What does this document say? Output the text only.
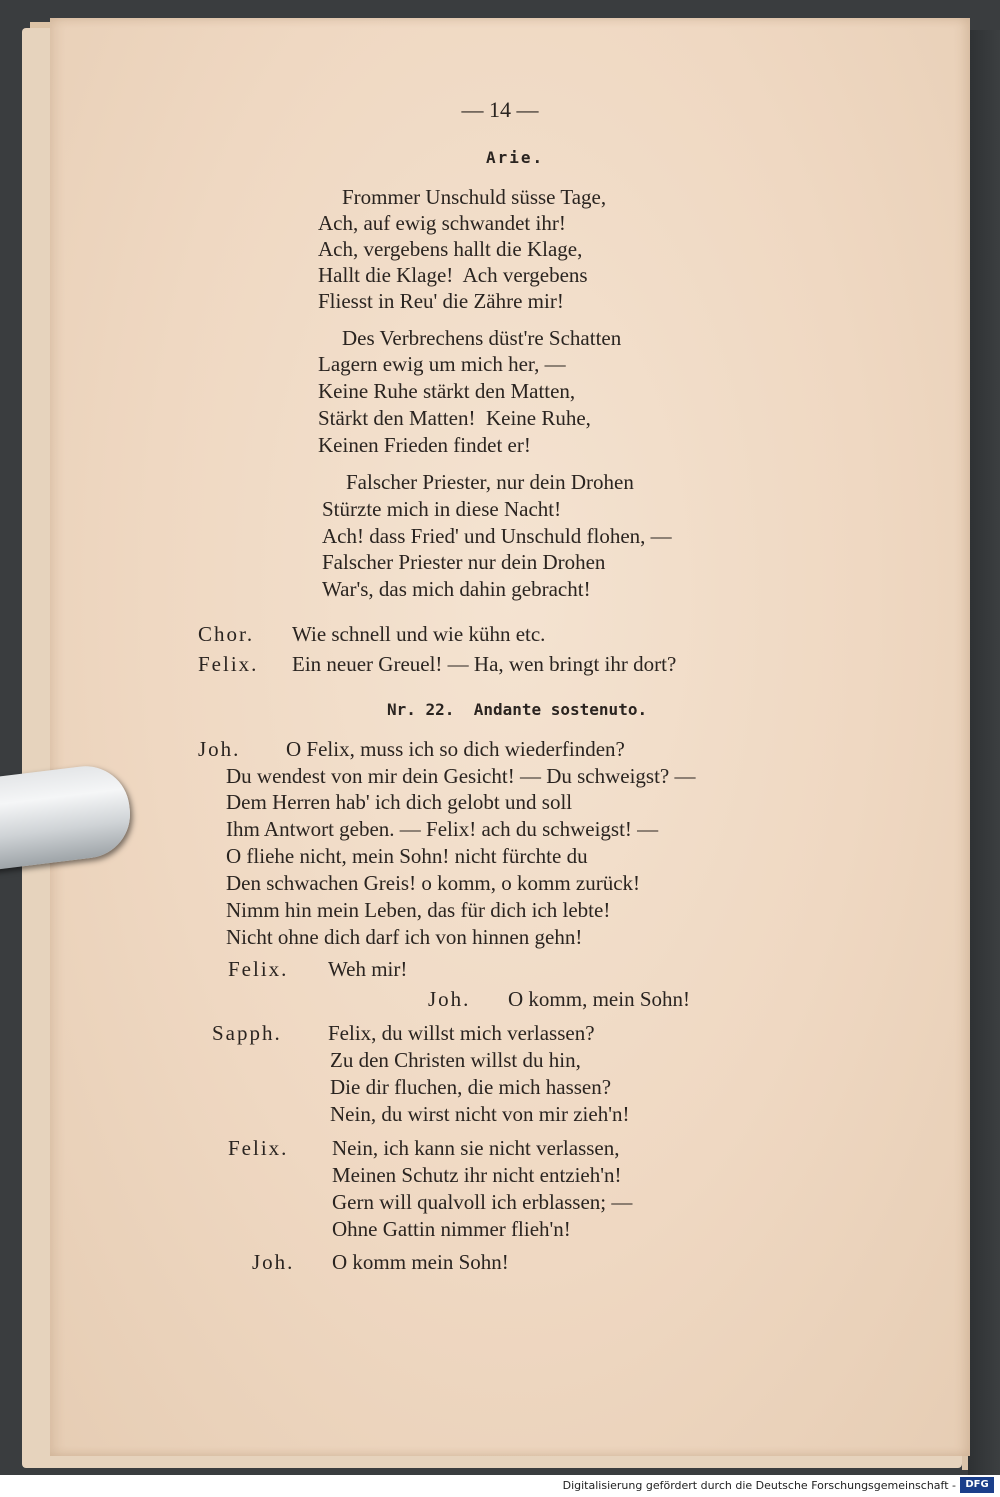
— 14 —

Arie.

Frommer Unschuld süsse Tage,

Ach, auf ewig schwandet ihr!

Ach, vergebens hallt die Klage,

Hallt die Klage!  Ach vergebens

Fliesst in Reu' die Zähre mir!

Des Verbrechens düst're Schatten

Lagern ewig um mich her, —

Keine Ruhe stärkt den Matten,

Stärkt den Matten!  Keine Ruhe,

Keinen Frieden findet er!

Falscher Priester, nur dein Drohen

Stürzte mich in diese Nacht!

Ach! dass Fried' und Unschuld flohen, —

Falscher Priester nur dein Drohen

War's, das mich dahin gebracht!

Chor. Wie schnell und wie kühn etc.

Felix. Ein neuer Greuel! — Ha, wen bringt ihr dort?

Nr. 22.  Andante sostenuto.

Joh. O Felix, muss ich so dich wiederfinden?

Du wendest von mir dein Gesicht! — Du schweigst? —

Dem Herren hab' ich dich gelobt und soll

Ihm Antwort geben. — Felix! ach du schweigst! —

O fliehe nicht, mein Sohn! nicht fürchte du

Den schwachen Greis! o komm, o komm zurück!

Nimm hin mein Leben, das für dich ich lebte!

Nicht ohne dich darf ich von hinnen gehn!

Felix. Weh mir!

Joh. O komm, mein Sohn!

Sapph. Felix, du willst mich verlassen?

Zu den Christen willst du hin,

Die dir fluchen, die mich hassen?

Nein, du wirst nicht von mir zieh'n!

Felix. Nein, ich kann sie nicht verlassen,

Meinen Schutz ihr nicht entzieh'n!

Gern will qualvoll ich erblassen; —

Ohne Gattin nimmer flieh'n!

Joh. O komm mein Sohn!

Digitalisierung gefördert durch die Deutsche Forschungsgemeinschaft - DFG
